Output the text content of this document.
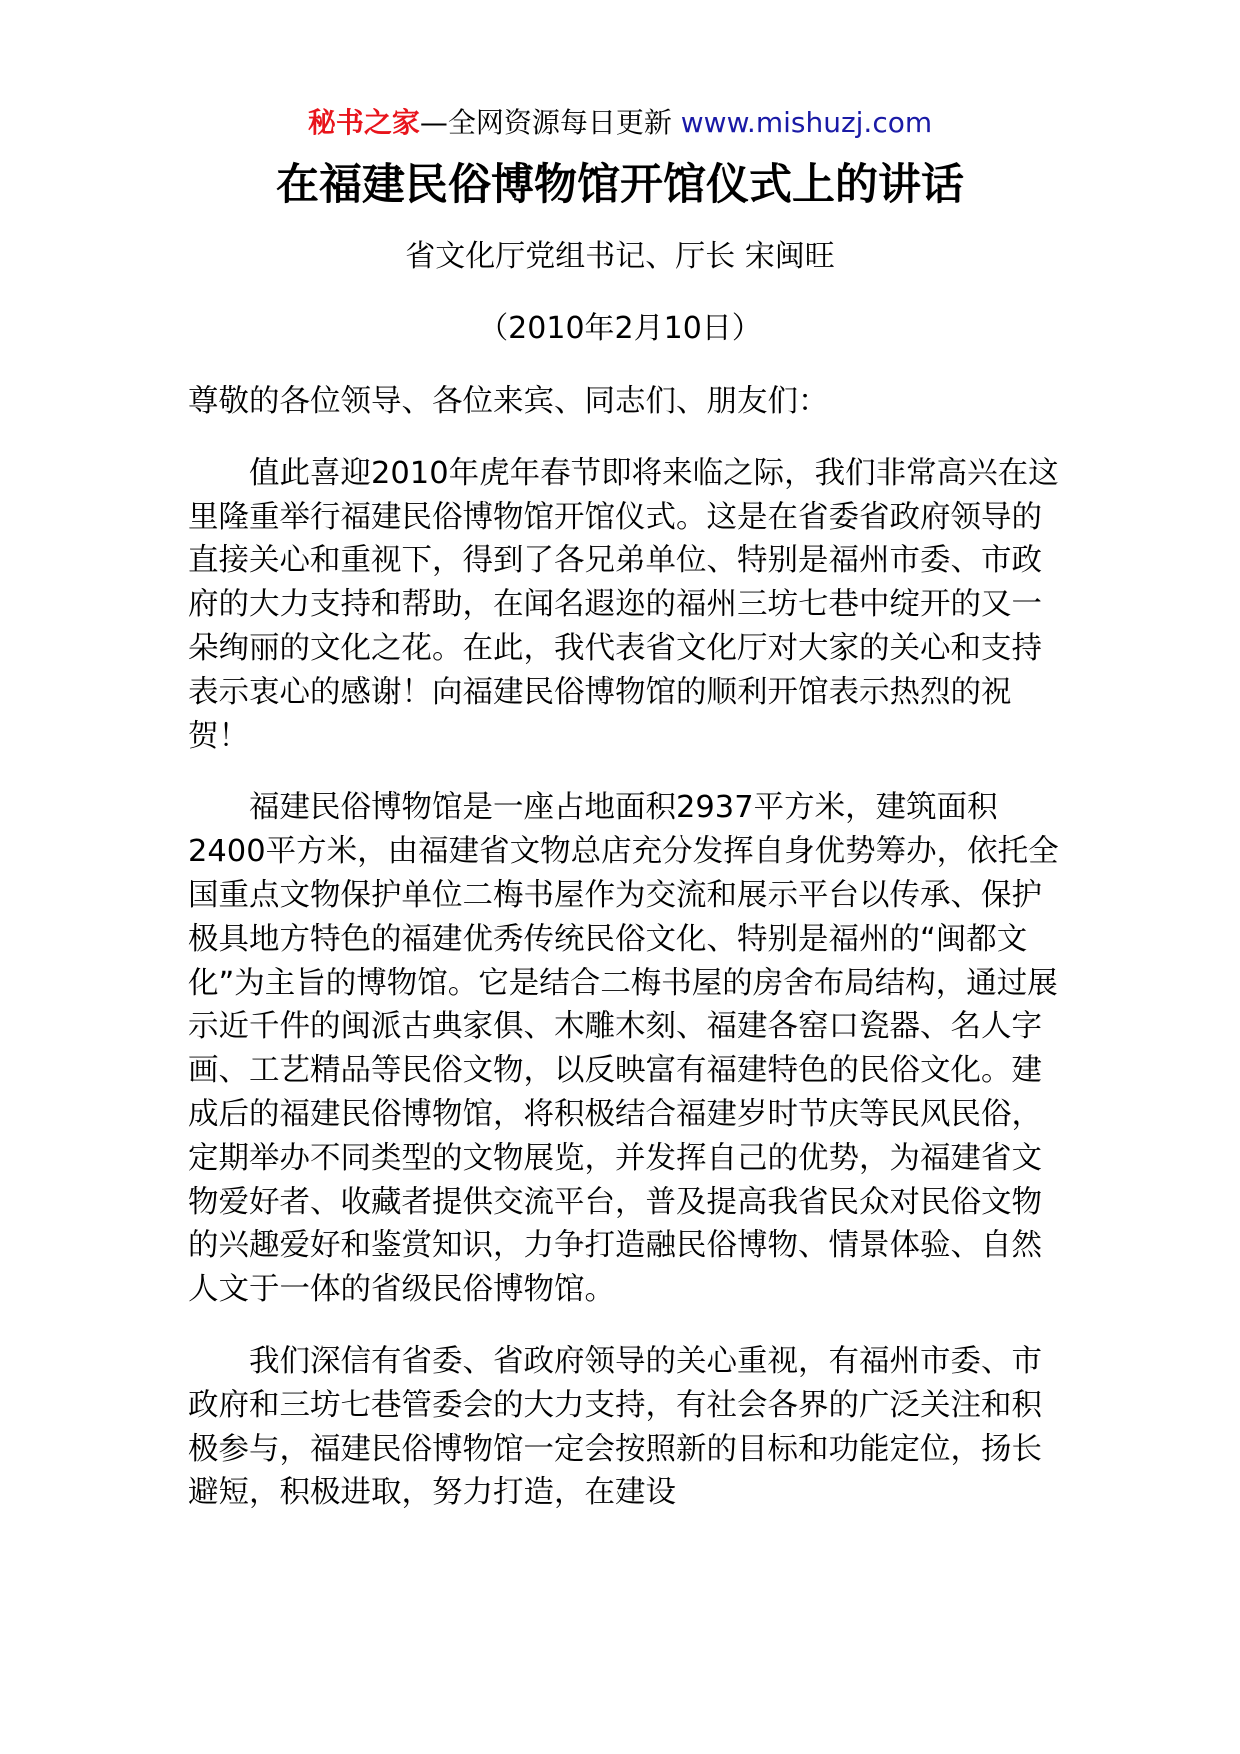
秘书之家—全网资源每日更新 www.mishuzj.com
在福建民俗博物馆开馆仪式上的讲话
省文化厅党组书记、厅长 宋闽旺
（2010年2月10日）

尊敬的各位领导、各位来宾、同志们、朋友们：

值此喜迎2010年虎年春节即将来临之际，我们非常高兴在这里隆重举行福建民俗博物馆开馆仪式。这是在省委省政府领导的直接关心和重视下，得到了各兄弟单位、特别是福州市委、市政府的大力支持和帮助，在闻名遐迩的福州三坊七巷中绽开的又一朵绚丽的文化之花。在此，我代表省文化厅对大家的关心和支持表示衷心的感谢！向福建民俗博物馆的顺利开馆表示热烈的祝贺！

福建民俗博物馆是一座占地面积2937平方米，建筑面积2400平方米，由福建省文物总店充分发挥自身优势筹办，依托全国重点文物保护单位二梅书屋作为交流和展示平台以传承、保护极具地方特色的福建优秀传统民俗文化、特别是福州的“闽都文化”为主旨的博物馆。它是结合二梅书屋的房舍布局结构，通过展示近千件的闽派古典家俱、木雕木刻、福建各窑口瓷器、名人字画、工艺精品等民俗文物，以反映富有福建特色的民俗文化。建成后的福建民俗博物馆，将积极结合福建岁时节庆等民风民俗，定期举办不同类型的文物展览，并发挥自己的优势，为福建省文物爱好者、收藏者提供交流平台，普及提高我省民众对民俗文物的兴趣爱好和鉴赏知识，力争打造融民俗博物、情景体验、自然人文于一体的省级民俗博物馆。

我们深信有省委、省政府领导的关心重视，有福州市委、市政府和三坊七巷管委会的大力支持，有社会各界的广泛关注和积极参与，福建民俗博物馆一定会按照新的目标和功能定位，扬长避短，积极进取，努力打造，在建设
